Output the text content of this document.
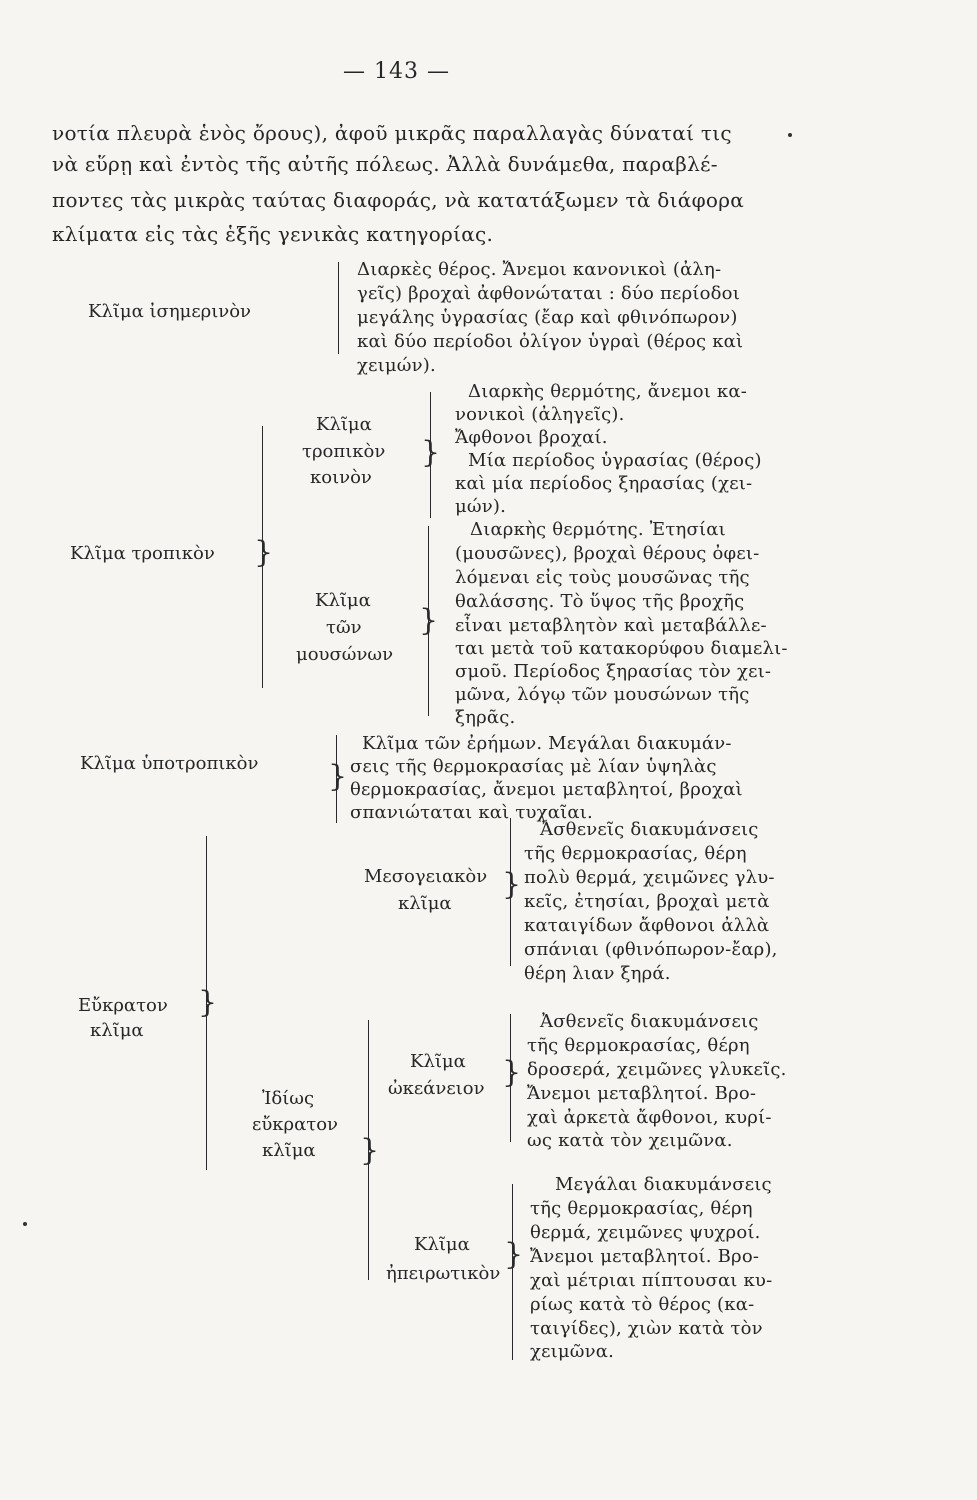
— 143 —
νοτία πλευρὰ ἑνὸς ὄρους), ἀφοῦ μικρᾶς παραλλαγὰς δύναταί τις
νὰ εὕρῃ καὶ ἐντὸς τῆς αὐτῆς πόλεως. Ἀλλὰ δυνάμεθα, παραβλέ-
ποντες τὰς μικρὰς ταύτας διαφοράς, νὰ κατατάξωμεν τὰ διάφορα
κλίματα εἰς τὰς ἑξῆς γενικὰς κατηγορίας.
Κλῖμα ἰσημερινὸν
Διαρκὲς θέρος. Ἄνεμοι κανονικοὶ (ἀλη-
γεῖς) βροχαὶ ἀφθονώταται : δύο περίοδοι
μεγάλης ὑγρασίας (ἔαρ καὶ φθινόπωρον)
καὶ δύο περίοδοι ὀλίγον ὑγραὶ (θέρος καὶ
χειμών).
Κλῖμα τροπικὸν }
Κλῖμα
τροπικὸν
κοινὸν
}
Διαρκὴς θερμότης, ἄνεμοι κα-
νονικοὶ (ἀληγεῖς).
Ἄφθονοι βροχαί.
Μία περίοδος ὑγρασίας (θέρος)
καὶ μία περίοδος ξηρασίας (χει-
μών).
Κλῖμα
τῶν
μουσώνων
}
Διαρκὴς θερμότης. Ἐτησίαι
(μουσῶνες), βροχαὶ θέρους ὀφει-
λόμεναι εἰς τοὺς μουσῶνας τῆς
θαλάσσης. Τὸ ὕψος τῆς βροχῆς
εἶναι μεταβλητὸν καὶ μεταβάλλε-
ται μετὰ τοῦ κατακορύφου διαμελι-
σμοῦ. Περίοδος ξηρασίας τὸν χει-
μῶνα, λόγῳ τῶν μουσώνων τῆς
ξηρᾶς.
Κλῖμα ὑποτροπικὸν }
Κλῖμα τῶν ἐρήμων. Μεγάλαι διακυμάν-
σεις τῆς θερμοκρασίας μὲ λίαν ὑψηλὰς
θερμοκρασίας, ἄνεμοι μεταβλητοί, βροχαὶ
σπανιώταται καὶ τυχαῖαι.
Εὔκρατον
κλῖμα
}
Μεσογειακὸν
κλῖμα
}
Ἀσθενεῖς διακυμάνσεις
τῆς θερμοκρασίας, θέρη
πολὺ θερμά, χειμῶνες γλυ-
κεῖς, ἐτησίαι, βροχαὶ μετὰ
καταιγίδων ἄφθονοι ἀλλὰ
σπάνιαι (φθινόπωρον-ἔαρ),
θέρη λιαν ξηρά.
Ἰδίως
εὔκρατον
κλῖμα }
Κλῖμα
ὠκεάνειον }
Ἀσθενεῖς διακυμάνσεις
τῆς θερμοκρασίας, θέρη
δροσερά, χειμῶνες γλυκεῖς.
Ἄνεμοι μεταβλητοί. Βρο-
χαὶ ἀρκετὰ ἄφθονοι, κυρί-
ως κατὰ τὸν χειμῶνα.
Κλῖμα
ἠπειρωτικὸν
}
Μεγάλαι διακυμάνσεις
τῆς θερμοκρασίας, θέρη
θερμά, χειμῶνες ψυχροί.
Ἄνεμοι μεταβλητοί. Βρο-
χαὶ μέτριαι πίπτουσαι κυ-
ρίως κατὰ τὸ θέρος (κα-
ταιγίδες), χιὼν κατὰ τὸν
χειμῶνα.
